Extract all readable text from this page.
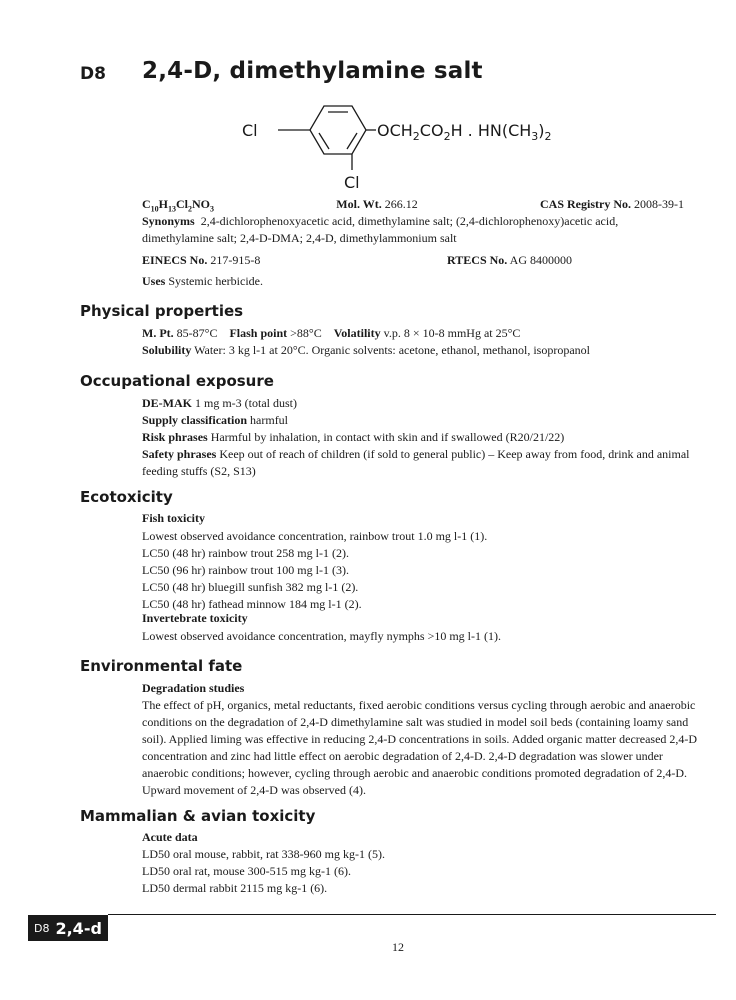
D8 2,4-D, dimethylamine salt
Cl	$OCH_2CO_2H$ . $HN(CH_3)_2$
Cl
$C_{10}H_{13}Cl_2NO_3$	Mol. Wt. 266.12	CAS Registry No. 2008-39-1
Synonyms 2,4-dichlorophenoxyacetic acid, dimethylamine salt; (2,4-dichlorophenoxy)acetic acid, dimethylamine salt; 2,4-D-DMA; 2,4-D, dimethylammonium salt
EINECS No. 217-915-8	RTECS No. AG 8400000
Uses Systemic herbicide.
Physical properties
M. Pt. 85-87°C Flash point >88°C Volatility v.p. 8 × 10-8 mmHg at 25°C
Solubility Water: 3 kg l-1 at 20°C. Organic solvents: acetone, ethanol, methanol, isopropanol
Occupational exposure
DE-MAK 1 mg m-3 (total dust)
Supply classification harmful
Risk phrases Harmful by inhalation, in contact with skin and if swallowed (R20/21/22)
Safety phrases Keep out of reach of children (if sold to general public) – Keep away from food, drink and animal feeding stuffs (S2, S13)
Ecotoxicity
Fish toxicity
Lowest observed avoidance concentration, rainbow trout 1.0 mg l-1 (1).
LC50 (48 hr) rainbow trout 258 mg l-1 (2).
LC50 (96 hr) rainbow trout 100 mg l-1 (3).
LC50 (48 hr) bluegill sunfish 382 mg l-1 (2).
LC50 (48 hr) fathead minnow 184 mg l-1 (2).
Invertebrate toxicity
Lowest observed avoidance concentration, mayfly nymphs >10 mg l-1 (1).
Environmental fate
Degradation studies
The effect of pH, organics, metal reductants, fixed aerobic conditions versus cycling through aerobic and anaerobic conditions on the degradation of 2,4-D dimethylamine salt was studied in model soil beds (containing loamy sand soil). Applied liming was effective in reducing 2,4-D concentrations in soils. Added organic matter decreased 2,4-D concentration and zinc had little effect on aerobic degradation of 2,4-D. 2,4-D degradation was slower under anaerobic conditions; however, cycling through aerobic and anaerobic conditions promoted degradation of 2,4-D. Upward movement of 2,4-D was observed (4).
Mammalian & avian toxicity
Acute data
LD50 oral mouse, rabbit, rat 338-960 mg kg-1 (5).
LD50 oral rat, mouse 300-515 mg kg-1 (6).
LD50 dermal rabbit 2115 mg kg-1 (6).
D8 2,4-d
12
